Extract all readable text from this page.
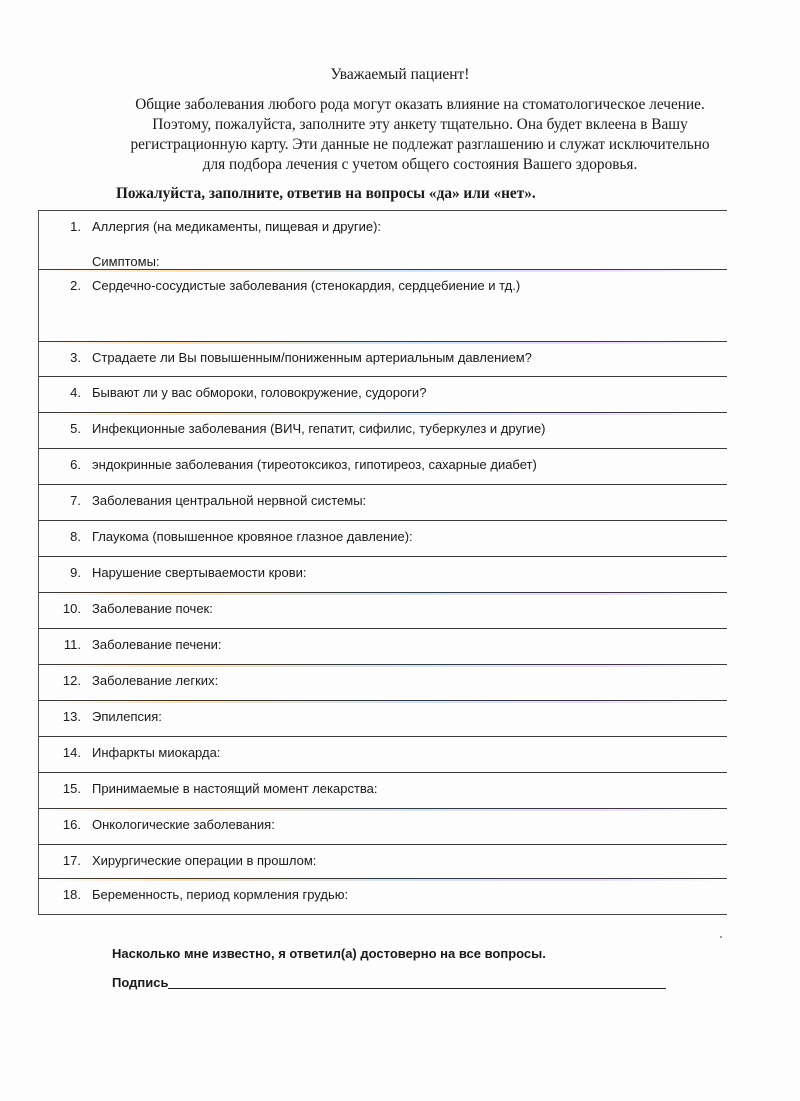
Уважаемый пациент!
Общие заболевания любого рода могут оказать влияние на стоматологическое лечение.
Поэтому, пожалуйста, заполните эту анкету тщательно. Она будет вклеена в Вашу
регистрационную карту. Эти данные не подлежат разглашению и служат исключительно
для подбора лечения с учетом общего состояния Вашего здоровья.
Пожалуйста, заполните, ответив на вопросы «да» или «нет».
1. Аллергия (на медикаменты, пищевая и другие):
Симптомы:
2. Сердечно-сосудистые заболевания (стенокардия, сердцебиение и тд.)
3. Страдаете ли Вы повышенным/пониженным артериальным давлением?
4. Бывают ли у вас обмороки, головокружение, судороги?
5. Инфекционные заболевания (ВИЧ, гепатит, сифилис, туберкулез и другие)
6. эндокринные заболевания (тиреотоксикоз, гипотиреоз, сахарные диабет)
7. Заболевания центральной нервной системы:
8. Глаукома (повышенное кровяное глазное давление):
9. Нарушение свертываемости крови:
10. Заболевание почек:
11. Заболевание печени:
12. Заболевание легких:
13. Эпилепсия:
14. Инфаркты миокарда:
15. Принимаемые в настоящий момент лекарства:
16. Онкологические заболевания:
17. Хирургические операции в прошлом:
18. Беременность, период кормления грудью:
Насколько мне известно, я ответил(а) достоверно на все вопросы.
Подпись
